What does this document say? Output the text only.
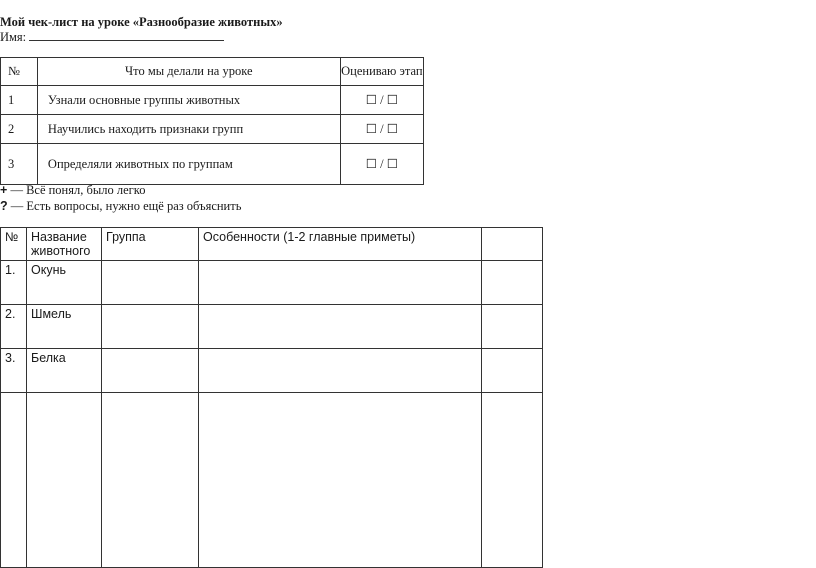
Мой чек-лист на уроке «Разнообразие животных»
Имя:
№	Что мы делали на уроке	Оцениваю этап
1	Узнали основные группы животных	☐ / ☐
2	Научились находить признаки групп	☐ / ☐
3	Определяли животных по группам	☐ / ☐
+ — Всё понял, было легко
? — Есть вопросы, нужно ещё раз объяснить
№	Название животного	Группа	Особенности (1-2 главные приметы)	
1.	Окунь			
2.	Шмель			
3.	Белка			
